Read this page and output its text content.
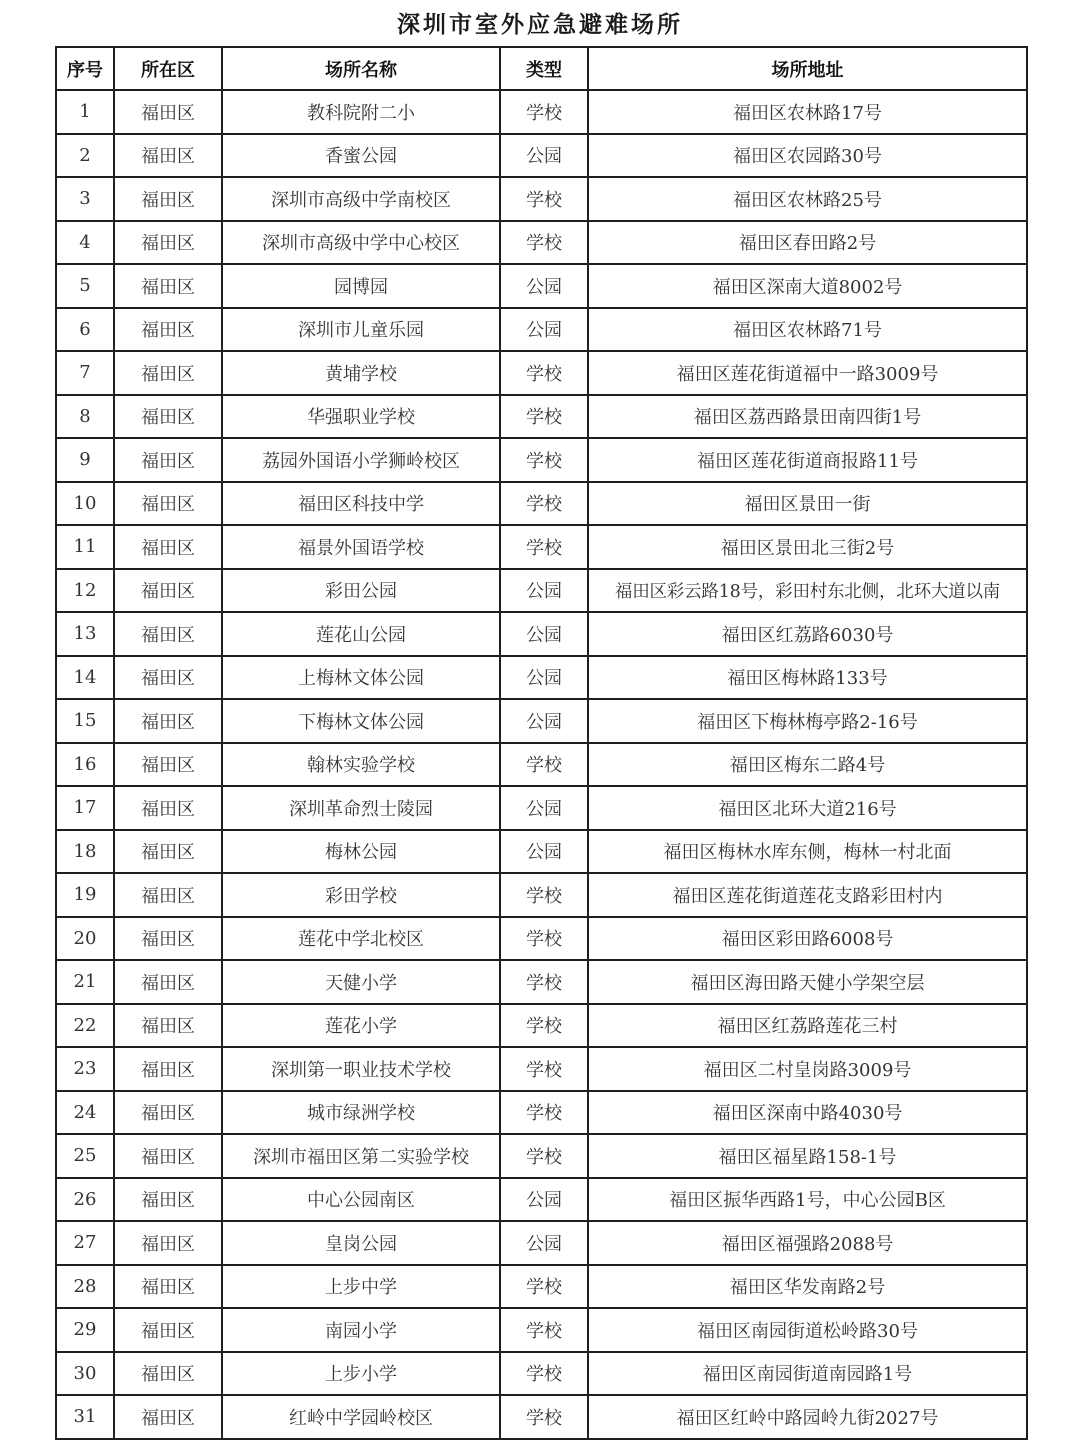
深圳市室外应急避难场所
序号	所在区	场所名称	类型	场所地址
1	福田区	教科院附二小	学校	福田区农林路17号
2	福田区	香蜜公园	公园	福田区农园路30号
3	福田区	深圳市高级中学南校区	学校	福田区农林路25号
4	福田区	深圳市高级中学中心校区	学校	福田区春田路2号
5	福田区	园博园	公园	福田区深南大道8002号
6	福田区	深圳市儿童乐园	公园	福田区农林路71号
7	福田区	黄埔学校	学校	福田区莲花街道福中一路3009号
8	福田区	华强职业学校	学校	福田区荔西路景田南四街1号
9	福田区	荔园外国语小学狮岭校区	学校	福田区莲花街道商报路11号
10	福田区	福田区科技中学	学校	福田区景田一街
11	福田区	福景外国语学校	学校	福田区景田北三街2号
12	福田区	彩田公园	公园	福田区彩云路18号，彩田村东北侧，北环大道以南
13	福田区	莲花山公园	公园	福田区红荔路6030号
14	福田区	上梅林文体公园	公园	福田区梅林路133号
15	福田区	下梅林文体公园	公园	福田区下梅林梅亭路2-16号
16	福田区	翰林实验学校	学校	福田区梅东二路4号
17	福田区	深圳革命烈士陵园	公园	福田区北环大道216号
18	福田区	梅林公园	公园	福田区梅林水库东侧，梅林一村北面
19	福田区	彩田学校	学校	福田区莲花街道莲花支路彩田村内
20	福田区	莲花中学北校区	学校	福田区彩田路6008号
21	福田区	天健小学	学校	福田区海田路天健小学架空层
22	福田区	莲花小学	学校	福田区红荔路莲花三村
23	福田区	深圳第一职业技术学校	学校	福田区二村皇岗路3009号
24	福田区	城市绿洲学校	学校	福田区深南中路4030号
25	福田区	深圳市福田区第二实验学校	学校	福田区福星路158-1号
26	福田区	中心公园南区	公园	福田区振华西路1号，中心公园B区
27	福田区	皇岗公园	公园	福田区福强路2088号
28	福田区	上步中学	学校	福田区华发南路2号
29	福田区	南园小学	学校	福田区南园街道松岭路30号
30	福田区	上步小学	学校	福田区南园街道南园路1号
31	福田区	红岭中学园岭校区	学校	福田区红岭中路园岭九街2027号
